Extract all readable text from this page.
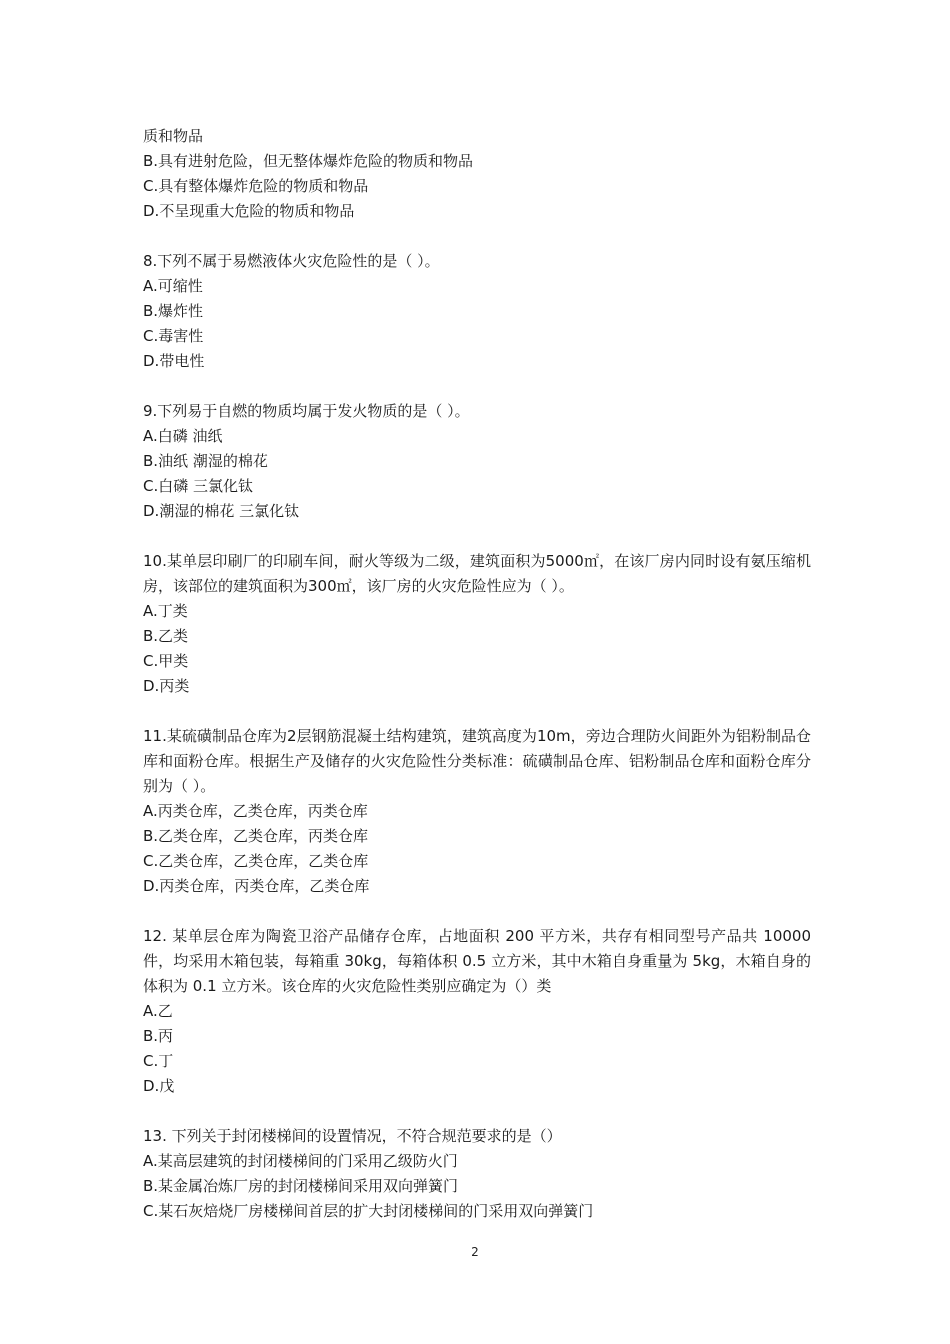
质和物品
B.具有进射危险，但无整体爆炸危险的物质和物品
C.具有整体爆炸危险的物质和物品
D.不呈现重大危险的物质和物品
8.下列不属于易燃液体火灾危险性的是（ ）。
A.可缩性
B.爆炸性
C.毒害性
D.带电性
9.下列易于自燃的物质均属于发火物质的是（ ）。
A.白磷 油纸
B.油纸 潮湿的棉花
C.白磷 三氯化钛
D.潮湿的棉花 三氯化钛
10.某单层印刷厂的印刷车间，耐火等级为二级，建筑面积为5000㎡，在该厂房内同时设有氨压缩机房，该部位的建筑面积为300㎡，该厂房的火灾危险性应为（ ）。
A.丁类
B.乙类
C.甲类
D.丙类
11.某硫磺制品仓库为2层钢筋混凝土结构建筑，建筑高度为10m，旁边合理防火间距外为铝粉制品仓库和面粉仓库。根据生产及储存的火灾危险性分类标准：硫磺制品仓库、铝粉制品仓库和面粉仓库分别为（ ）。
A.丙类仓库，乙类仓库，丙类仓库
B.乙类仓库，乙类仓库，丙类仓库
C.乙类仓库，乙类仓库，乙类仓库
D.丙类仓库，丙类仓库，乙类仓库
12. 某单层仓库为陶瓷卫浴产品储存仓库，占地面积 200 平方米，共存有相同型号产品共 10000 件，均采用木箱包装，每箱重 30kg，每箱体积 0.5 立方米，其中木箱自身重量为 5kg，木箱自身的体积为 0.1 立方米。该仓库的火灾危险性类别应确定为（）类
A.乙
B.丙
C.丁
D.戊
13. 下列关于封闭楼梯间的设置情况，不符合规范要求的是（）
A.某高层建筑的封闭楼梯间的门采用乙级防火门
B.某金属冶炼厂房的封闭楼梯间采用双向弹簧门
C.某石灰焙烧厂房楼梯间首层的扩大封闭楼梯间的门采用双向弹簧门
2
